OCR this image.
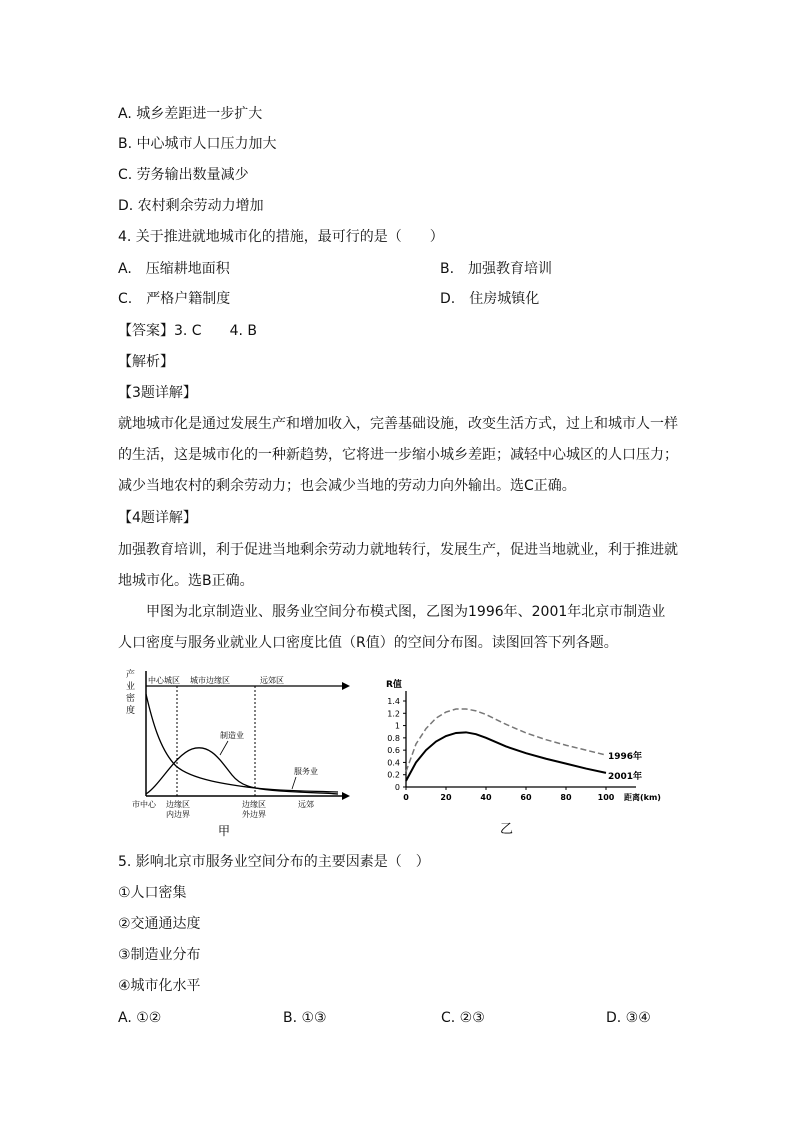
A. 城乡差距进一步扩大
B. 中心城市人口压力加大
C. 劳务输出数量减少
D. 农村剩余劳动力增加
4. 关于推进就地城市化的措施，最可行的是（　　）
A.　压缩耕地面积	B.　加强教育培训
C.　严格户籍制度	D.　住房城镇化
【答案】3. C　　4. B
【解析】
【3题详解】
就地城市化是通过发展生产和增加收入，完善基础设施，改变生活方式，过上和城市人一样的生活，这是城市化的一种新趋势，它将进一步缩小城乡差距；减轻中心城区的人口压力；减少当地农村的剩余劳动力；也会减少当地的劳动力向外输出。选C正确。
【4题详解】
加强教育培训，利于促进当地剩余劳动力就地转行，发展生产，促进当地就业，利于推进就地城市化。选B正确。
甲图为北京制造业、服务业空间分布模式图，乙图为1996年、2001年北京市制造业人口密度与服务业就业人口密度比值（R值）的空间分布图。读图回答下列各题。
产
业
密
度
中心城区 城市边缘区	远郊区
制造业
服务业
市中心 边缘区
内边界
边缘区
外边界
远郊
甲
R值
0
0.2
0.4
0.6
0.8
1
1.2
1.4
0	20	40	60	80	100 距离(km)
1996年
2001年
乙
5. 影响北京市服务业空间分布的主要因素是（　）
①人口密集
②交通通达度
③制造业分布
④城市化水平
A. ①②	B. ①③	C. ②③	D. ③④
